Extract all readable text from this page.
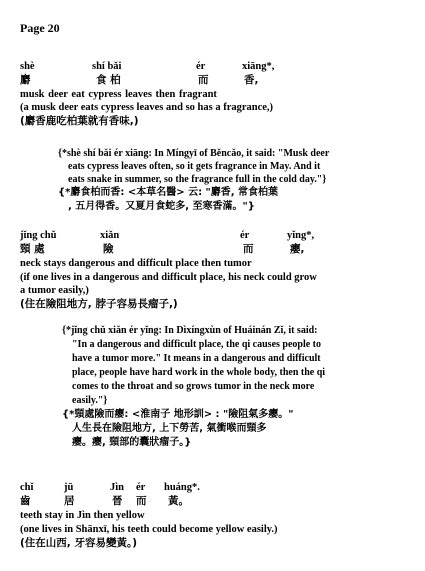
Page 20
shè	shí bǎi	ér	xiāng*,
麝	食 柏	而	香,
musk deer eat cypress leaves then fragrant
(a musk deer eats cypress leaves and so has a fragrance,)
(麝香鹿吃柏葉就有香味,)
{*shè shí bǎi ér xiāng: In Míngyī of Běncǎo, it said: "Musk deer
eats cypress leaves often, so it gets fragrance in May. And it
eats snake in summer, so the fragrance full in the cold day."}
{*麝食柏而香: <本草名醫> 云: "麝香, 常食柏葉
, 五月得香。又夏月食蛇多, 至寒香滿。"}
jǐng chǔ	xiǎn	ér	yǐng*,
頸 處	險	而	癭,
neck stays dangerous and difficult place then tumor
(if one lives in a dangerous and difficult place, his neck could grow
a tumor easily,)
(住在險阻地方, 脖子容易長瘤子,)
{*jǐng chǔ xiǎn ér yǐng: In Dìxíngxùn of Huáinán Zǐ, it said:
"In a dangerous and difficult place, the qi causes people to
have a tumor more." It means in a dangerous and difficult
place, people have hard work in the whole body, then the qi
comes to the throat and so grows tumor in the neck more
easily."}
{*頸處險而癭: <淮南子 地形訓> : "險阻氣多癭。"
人生長在險阻地方, 上下勞苦, 氣衝喉而頸多
癭。癭, 頸部的囊狀瘤子。}
chǐ	jū	Jìn ér huáng*.
齒	居	晉 而 黃。
teeth stay in Jìn then yellow
(one lives in Shānxī, his teeth could become yellow easily.)
(住在山西, 牙容易變黃。)
